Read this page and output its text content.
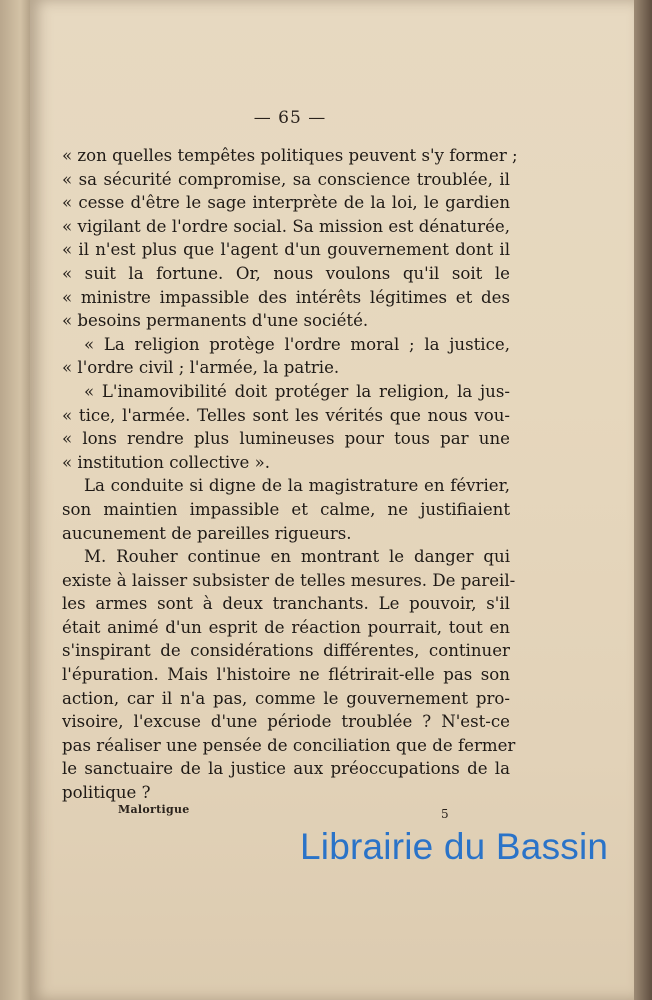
— 65 —
« zon quelles tempêtes politiques peuvent s'y former ;
« sa sécurité compromise, sa conscience troublée, il
« cesse d'être le sage interprète de la loi, le gardien
« vigilant de l'ordre social. Sa mission est dénaturée,
« il n'est plus que l'agent d'un gouvernement dont il
« suit la fortune. Or, nous voulons qu'il soit le
« ministre impassible des intérêts légitimes et des
« besoins permanents d'une société.
« La religion protège l'ordre moral ; la justice,
« l'ordre civil ; l'armée, la patrie.
« L'inamovibilité doit protéger la religion, la jus-
« tice, l'armée. Telles sont les vérités que nous vou-
« lons rendre plus lumineuses pour tous par une
« institution collective ».
La conduite si digne de la magistrature en février,
son maintien impassible et calme, ne justifiaient
aucunement de pareilles rigueurs.
M. Rouher continue en montrant le danger qui
existe à laisser subsister de telles mesures. De pareil-
les armes sont à deux tranchants. Le pouvoir, s'il
était animé d'un esprit de réaction pourrait, tout en
s'inspirant de considérations différentes, continuer
l'épuration. Mais l'histoire ne flétrirait-elle pas son
action, car il n'a pas, comme le gouvernement pro-
visoire, l'excuse d'une période troublée ? N'est-ce
pas réaliser une pensée de conciliation que de fermer
le sanctuaire de la justice aux préoccupations de la
politique ?
Malortigue	5
Librairie du Bassin
